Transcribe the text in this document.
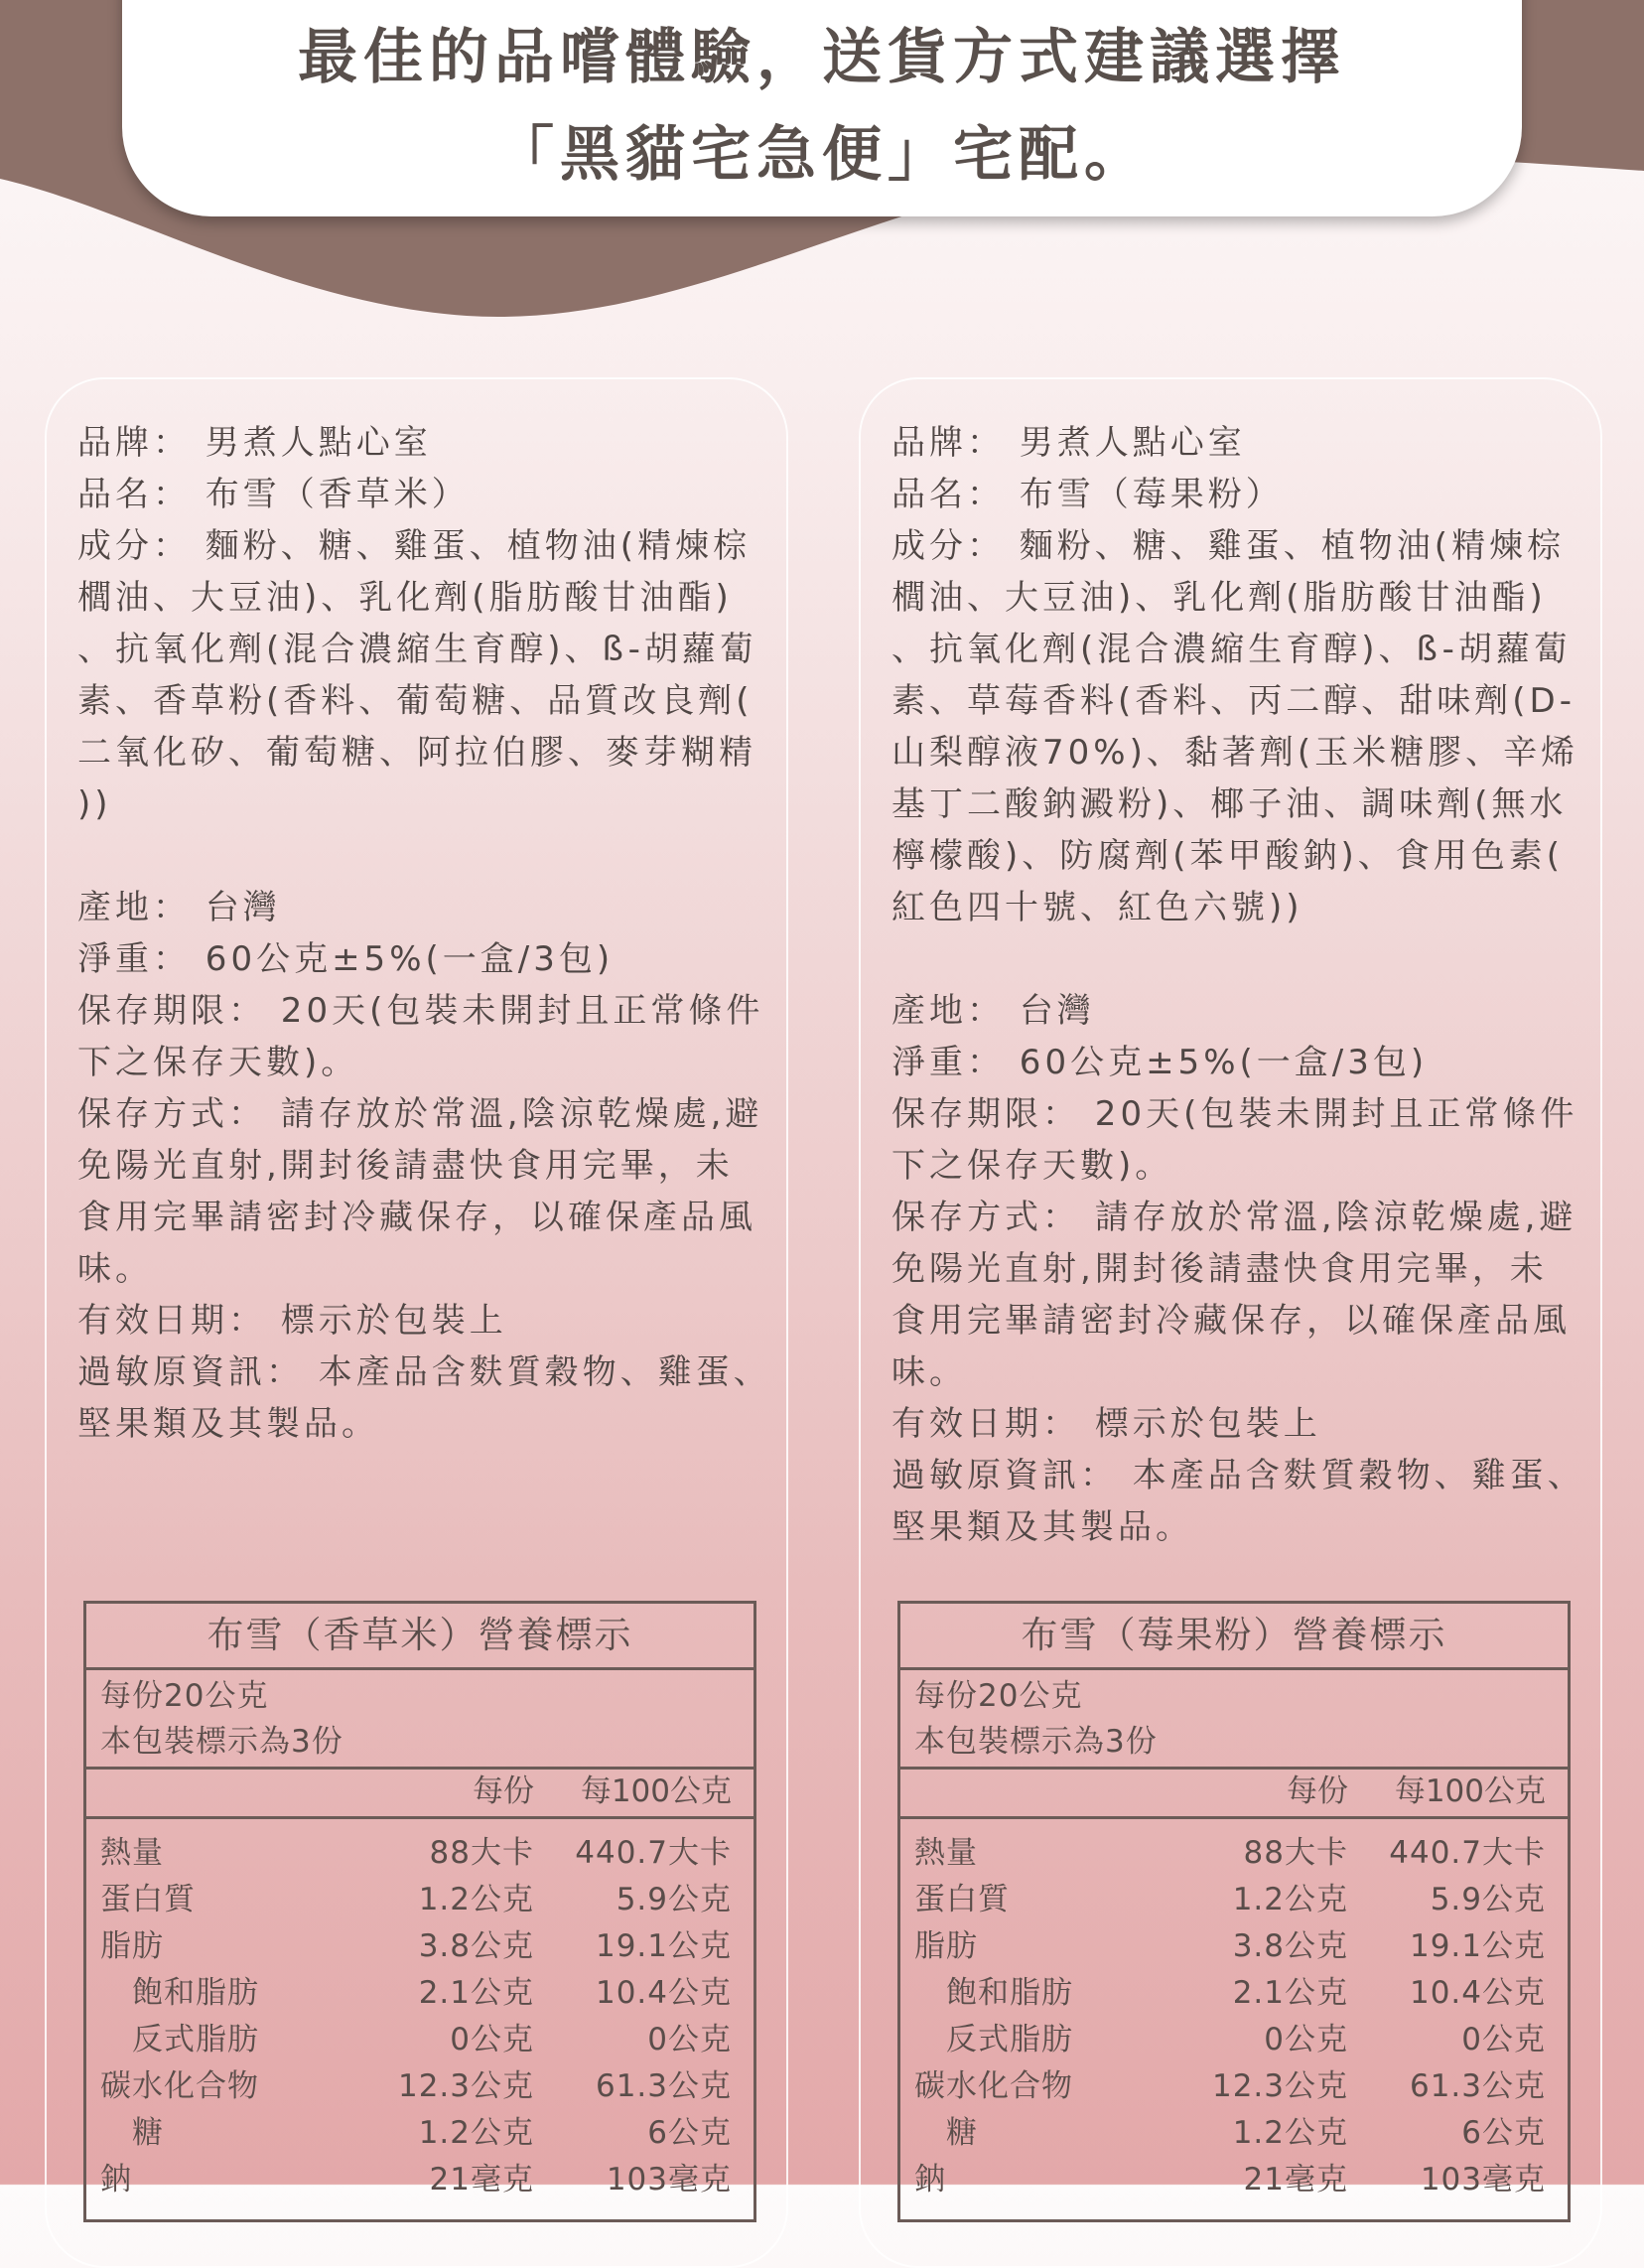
最佳的品嚐體驗，送貨方式建議選擇
「黑貓宅急便」宅配。
品牌： 男煮人點心室
品名： 布雪（香草米）
成分： 麵粉、糖、雞蛋、植物油(精煉棕
櫚油、大豆油)、乳化劑(脂肪酸甘油酯)
、抗氧化劑(混合濃縮生育醇)、ß-胡蘿蔔
素、香草粉(香料、葡萄糖、品質改良劑(
二氧化矽、葡萄糖、阿拉伯膠、麥芽糊精
))
產地： 台灣
淨重： 60公克±5%(一盒/3包)
保存期限： 20天(包裝未開封且正常條件
下之保存天數)。
保存方式： 請存放於常溫,陰涼乾燥處,避
免陽光直射,開封後請盡快食用完畢，未
食用完畢請密封冷藏保存，以確保產品風
味。
有效日期： 標示於包裝上
過敏原資訊： 本產品含麩質穀物、雞蛋、
堅果類及其製品。
品牌： 男煮人點心室
品名： 布雪（莓果粉）
成分： 麵粉、糖、雞蛋、植物油(精煉棕
櫚油、大豆油)、乳化劑(脂肪酸甘油酯)
、抗氧化劑(混合濃縮生育醇)、ß-胡蘿蔔
素、草莓香料(香料、丙二醇、甜味劑(D-
山梨醇液70%)、黏著劑(玉米糖膠、辛烯
基丁二酸鈉澱粉)、椰子油、調味劑(無水
檸檬酸)、防腐劑(苯甲酸鈉)、食用色素(
紅色四十號、紅色六號))
產地： 台灣
淨重： 60公克±5%(一盒/3包)
保存期限： 20天(包裝未開封且正常條件
下之保存天數)。
保存方式： 請存放於常溫,陰涼乾燥處,避
免陽光直射,開封後請盡快食用完畢，未
食用完畢請密封冷藏保存，以確保產品風
味。
有效日期： 標示於包裝上
過敏原資訊： 本產品含麩質穀物、雞蛋、
堅果類及其製品。
布雪（香草米）營養標示
每份20公克
本包裝標示為3份
每份 每100公克
熱量	88大卡 440.7大卡
蛋白質	1.2公克	5.9公克
脂肪	3.8公克 19.1公克
飽和脂肪	2.1公克 10.4公克
反式脂肪	0公克	0公克
碳水化合物	12.3公克 61.3公克
糖	1.2公克	6公克
鈉	21毫克 103毫克
布雪（莓果粉）營養標示
每份20公克
本包裝標示為3份
每份 每100公克
熱量	88大卡 440.7大卡
蛋白質	1.2公克	5.9公克
脂肪	3.8公克 19.1公克
飽和脂肪	2.1公克 10.4公克
反式脂肪	0公克	0公克
碳水化合物	12.3公克 61.3公克
糖	1.2公克	6公克
鈉	21毫克 103毫克
